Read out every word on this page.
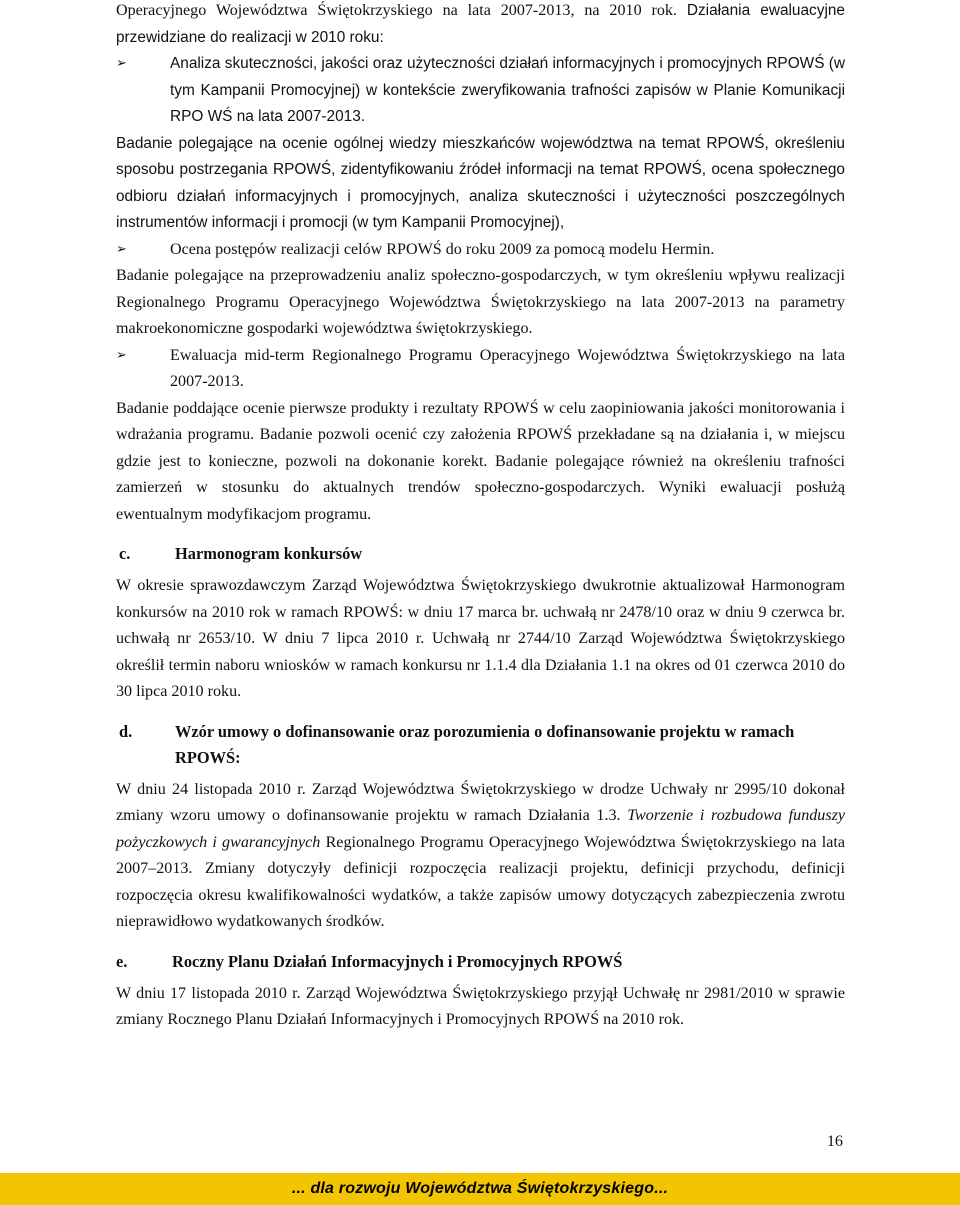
Operacyjnego Województwa Świętokrzyskiego na lata 2007-2013, na 2010 rok. Działania ewaluacyjne przewidziane do realizacji w 2010 roku:

➢	Analiza skuteczności, jakości oraz użyteczności działań informacyjnych i promocyjnych RPOWŚ (w tym Kampanii Promocyjnej) w kontekście zweryfikowania trafności zapisów w Planie Komunikacji RPO WŚ na lata 2007-2013.

Badanie polegające na ocenie ogólnej wiedzy mieszkańców województwa na temat RPOWŚ, określeniu sposobu postrzegania RPOWŚ, zidentyfikowaniu źródeł informacji na temat RPOWŚ, ocena społecznego odbioru działań informacyjnych i promocyjnych, analiza skuteczności i użyteczności poszczególnych instrumentów informacji i promocji (w tym Kampanii Promocyjnej),

➢	Ocena postępów realizacji celów RPOWŚ do roku 2009 za pomocą modelu Hermin.

Badanie polegające na przeprowadzeniu analiz społeczno-gospodarczych, w tym określeniu wpływu realizacji Regionalnego Programu Operacyjnego Województwa Świętokrzyskiego na lata 2007-2013 na parametry makroekonomiczne gospodarki województwa świętokrzyskiego.

➢	Ewaluacja mid-term Regionalnego Programu Operacyjnego Województwa Świętokrzyskiego na lata 2007-2013.

Badanie poddające ocenie pierwsze produkty i rezultaty RPOWŚ w celu zaopiniowania jakości monitorowania i wdrażania programu. Badanie pozwoli ocenić czy założenia RPOWŚ przekładane są na działania i, w miejscu gdzie jest to konieczne, pozwoli na dokonanie korekt. Badanie polegające również na określeniu trafności zamierzeń w stosunku do aktualnych trendów społeczno-gospodarczych. Wyniki ewaluacji posłużą ewentualnym modyfikacjom programu.

c.	Harmonogram konkursów

W okresie sprawozdawczym Zarząd Województwa Świętokrzyskiego dwukrotnie aktualizował Harmonogram konkursów na 2010 rok w ramach RPOWŚ: w dniu 17 marca br. uchwałą nr 2478/10 oraz w dniu 9 czerwca br. uchwałą nr 2653/10. W dniu 7 lipca 2010 r. Uchwałą nr 2744/10 Zarząd Województwa Świętokrzyskiego określił termin naboru wniosków w ramach konkursu nr 1.1.4 dla Działania 1.1 na okres od 01 czerwca 2010 do 30 lipca 2010 roku.

d.	Wzór umowy o dofinansowanie oraz porozumienia o dofinansowanie projektu w ramach RPOWŚ:

W dniu 24 listopada 2010 r. Zarząd Województwa Świętokrzyskiego w drodze Uchwały nr 2995/10 dokonał zmiany wzoru umowy o dofinansowanie projektu w ramach Działania 1.3. Tworzenie i rozbudowa funduszy pożyczkowych i gwarancyjnych Regionalnego Programu Operacyjnego Województwa Świętokrzyskiego na lata 2007–2013. Zmiany dotyczyły definicji rozpoczęcia realizacji projektu, definicji przychodu, definicji rozpoczęcia okresu kwalifikowalności wydatków, a także zapisów umowy dotyczących zabezpieczenia zwrotu nieprawidłowo wydatkowanych środków.

e.	Roczny Planu Działań Informacyjnych i Promocyjnych RPOWŚ

W dniu 17 listopada 2010 r. Zarząd Województwa Świętokrzyskiego przyjął Uchwałę nr 2981/2010 w sprawie zmiany Rocznego Planu Działań Informacyjnych i Promocyjnych RPOWŚ na 2010 rok.

16
... dla rozwoju Województwa Świętokrzyskiego...
